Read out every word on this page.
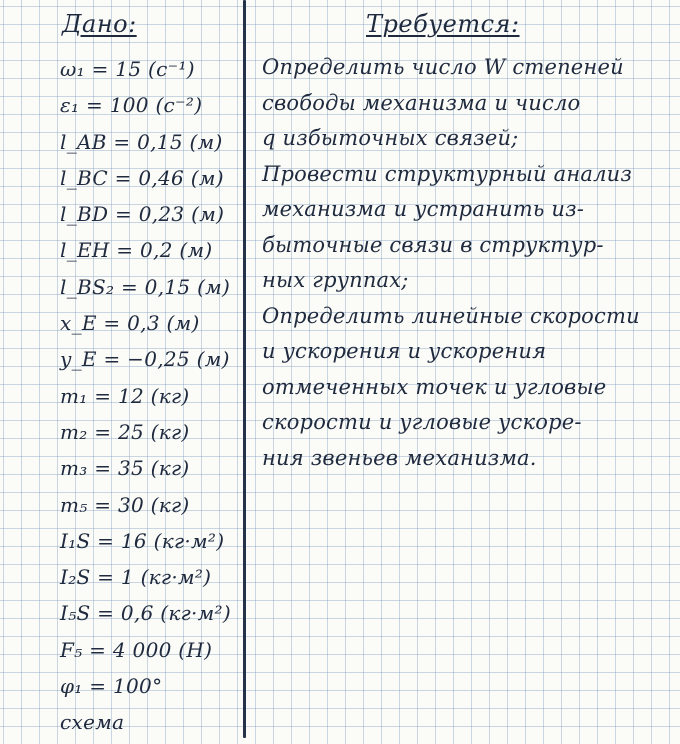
Дано:
ω₁ = 15 (c⁻¹)
ε₁ = 100 (c⁻²)
l_AB = 0,15 (м)
l_BC = 0,46 (м)
l_BD = 0,23 (м)
l_EH = 0,2 (м)
l_BS₂ = 0,15 (м)
x_E = 0,3 (м)
y_E = −0,25 (м)
m₁ = 12 (кг)
m₂ = 25 (кг)
m₃ = 35 (кг)
m₅ = 30 (кг)
I₁S = 16 (кг·м²)
I₂S = 1 (кг·м²)
I₅S = 0,6 (кг·м²)
F₅ = 4 000 (Н)
φ₁ = 100°
схема
Требуется:
Определить число W степеней
свободы механизма и число
q избыточных связей;
Провести структурный анализ
механизма и устранить из-
быточные связи в структур-
ных группах;
Определить линейные скорости
и ускорения и ускорения
отмеченных точек и угловые
скорости и угловые ускоре-
ния звеньев механизма.
